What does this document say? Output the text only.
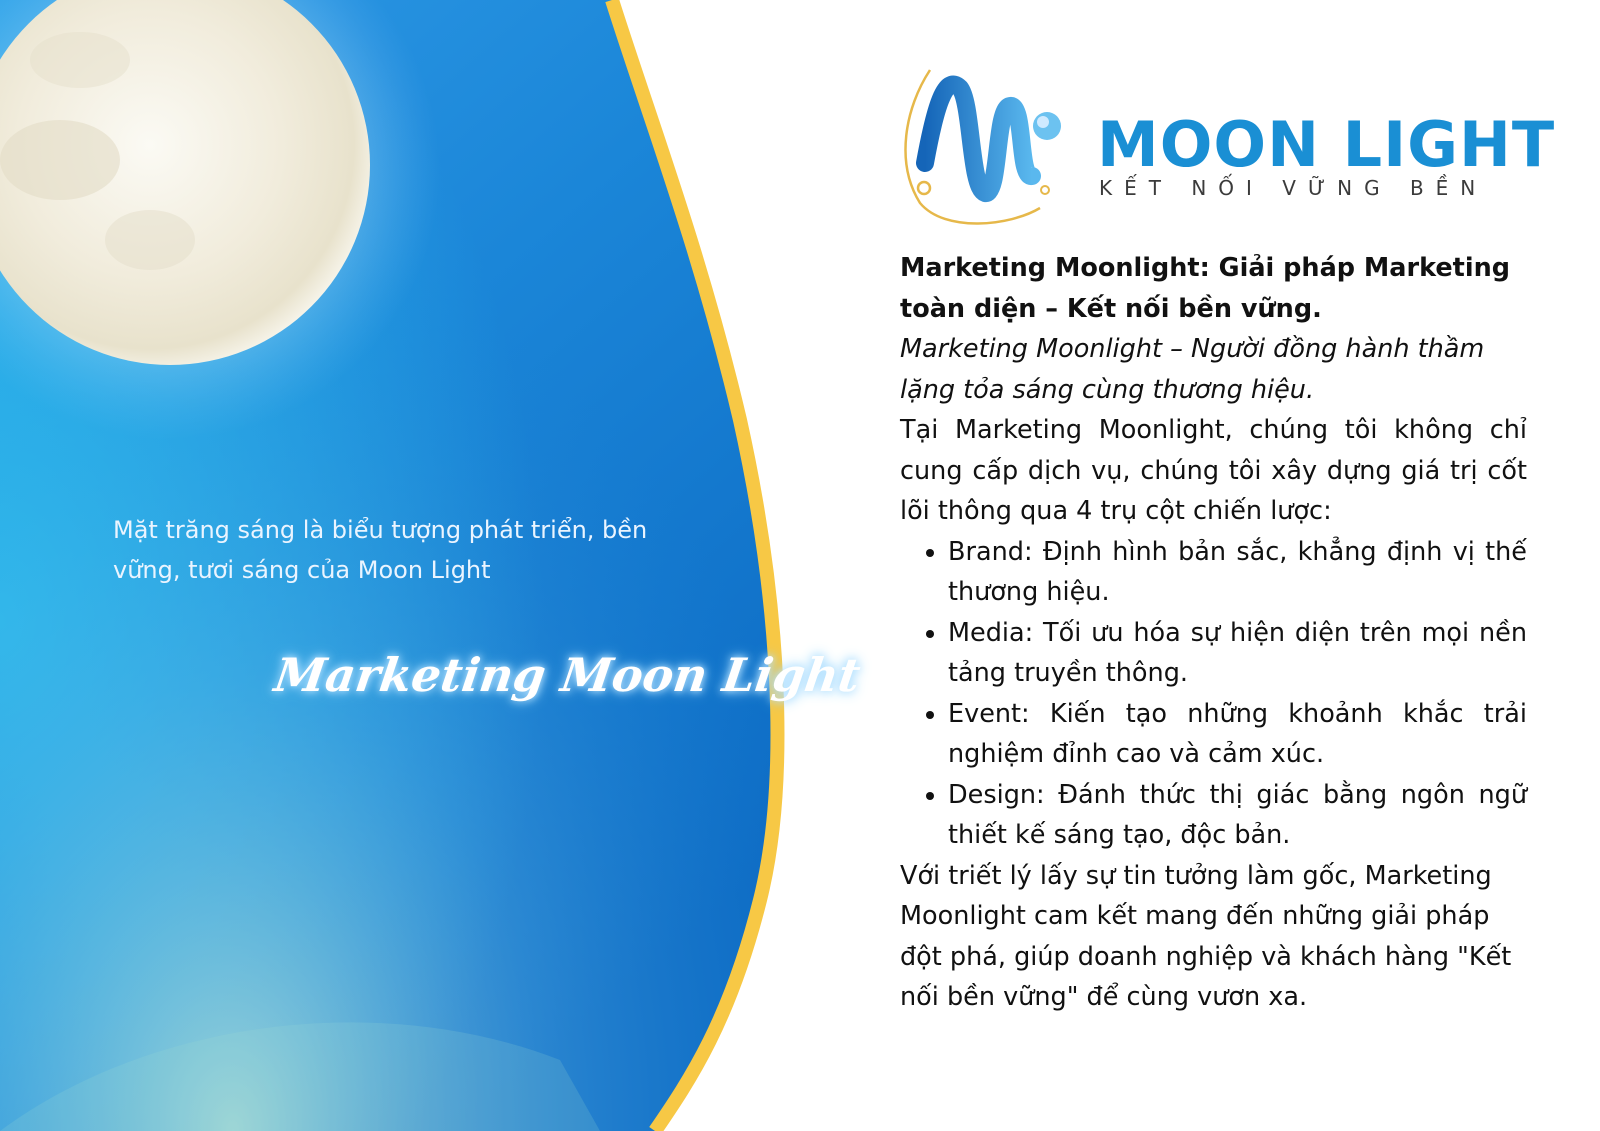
Mặt trăng sáng là biểu tượng phát triển, bền vững, tươi sáng của Moon Light
Marketing Moon Light
MOON LIGHT
KẾT NỐI VỮNG BỀN

Marketing Moonlight: Giải pháp Marketing toàn diện – Kết nối bền vững.

Marketing Moonlight – Người đồng hành thầm lặng tỏa sáng cùng thương hiệu.

Tại Marketing Moonlight, chúng tôi không chỉ cung cấp dịch vụ, chúng tôi xây dựng giá trị cốt lõi thông qua 4 trụ cột chiến lược:

• Brand: Định hình bản sắc, khẳng định vị thế thương hiệu.
• Media: Tối ưu hóa sự hiện diện trên mọi nền tảng truyền thông.
• Event: Kiến tạo những khoảnh khắc trải nghiệm đỉnh cao và cảm xúc.
• Design: Đánh thức thị giác bằng ngôn ngữ thiết kế sáng tạo, độc bản.

Với triết lý lấy sự tin tưởng làm gốc, Marketing Moonlight cam kết mang đến những giải pháp đột phá, giúp doanh nghiệp và khách hàng "Kết nối bền vững" để cùng vươn xa.
